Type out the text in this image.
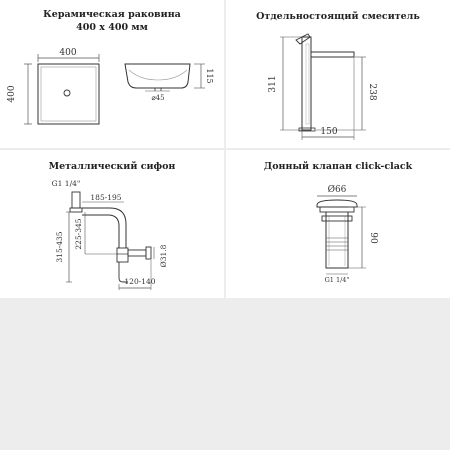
Керамическая раковина
400 х 400 мм
400
400	⌀45
115
Отдельностоящий смеситель
311	238
150
Металлический сифон
G1 1/4"
185-195
Ø31.8
315-435 225-345
120-140
Донный клапан click-clack
Ø66
90
G1 1/4"
